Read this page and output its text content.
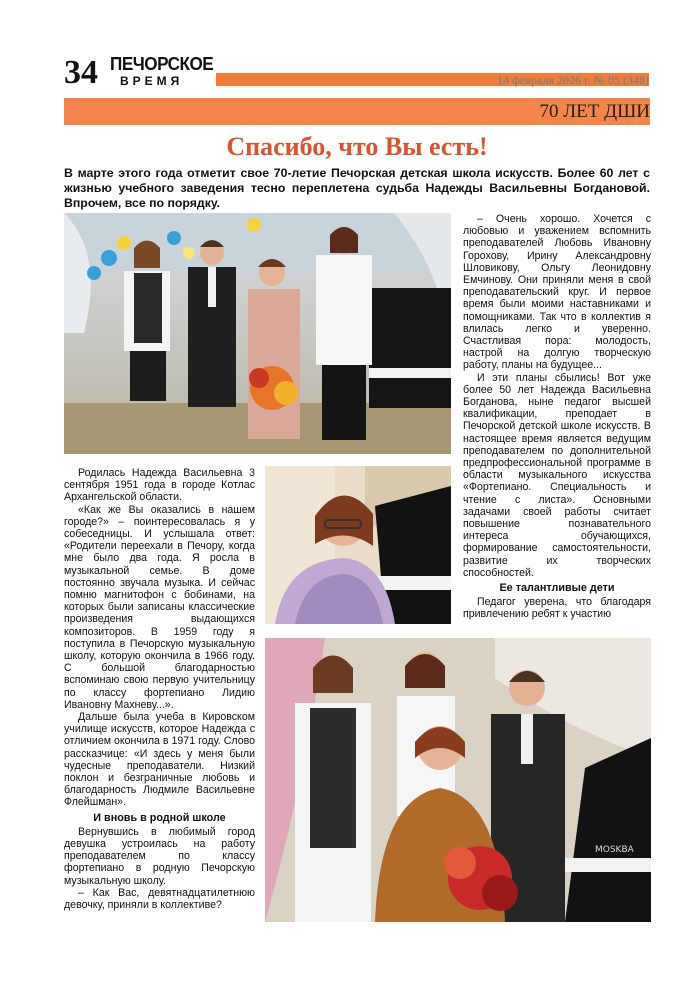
34 ПЕЧОРСКОЕ
ВРЕМЯ	14 февраля 2026 г. № 05 (348)
70 ЛЕТ ДШИ
Спасибо, что Вы есть!
В марте этого года отметит свое 70-летие Печорская детская школа искусств. Более 60 лет с жизнью учебного заведения тесно переплетена судьба Надежды Васильевны Богдановой. Впрочем, все по порядку.
MOSKBA

Родилась Надежда Васильевна 3 сентября 1951 года в городе Котлас Архангельской области.

«Как же Вы оказались в нашем городе?» – поинтересовалась я у собеседницы. И услышала ответ: «Родители переехали в Печору, когда мне было два года. Я росла в музыкальной семье. В доме постоянно звучала музыка. И сейчас помню магнитофон с бобинами, на которых были записаны классические произведения выдающихся композиторов. В 1959 году я поступила в Печорскую музыкальную школу, которую окончила в 1966 году. С большой благодарностью вспоминаю свою первую учительницу по классу фортепиано Лидию Ивановну Махневу...».

Дальше была учеба в Кировском училище искусств, которое Надежда с отличием окончила в 1971 году. Слово рассказчице: «И здесь у меня были чудесные преподаватели. Низкий поклон и безграничные любовь и благодарность Людмиле Васильевне Флейшман».

И вновь в родной школе

Вернувшись в любимый город девушка устроилась на работу преподавателем по классу фортепиано в родную Печорскую музыкальную школу.

– Как Вас, девятнадцатилетнюю девочку, приняли в коллективе?

– Очень хорошо. Хочется с любовью и уважением вспомнить преподавателей Любовь Ивановну Горохову, Ирину Александровну Шловикову, Ольгу Леонидовну Емчинову. Они приняли меня в свой преподавательский круг. И первое время были моими наставниками и помощниками. Так что в коллектив я влилась легко и уверенно. Счастливая пора: молодость, настрой на долгую творческую работу, планы на будущее...

И эти планы сбылись! Вот уже более 50 лет Надежда Васильевна Богданова, ныне педагог высшей квалификации, преподает в Печорской детской школе искусств. В настоящее время является ведущим преподавателем по дополнительной предпрофессиональной программе в области музыкального искусства «Фортепиано. Специальность и чтение с листа». Основными задачами своей работы считает повышение познавательного интереса обучающихся, формирование самостоятельности, развитие их творческих способностей.

Ее талантливые дети

Педагог уверена, что благодаря привлечению ребят к участию
